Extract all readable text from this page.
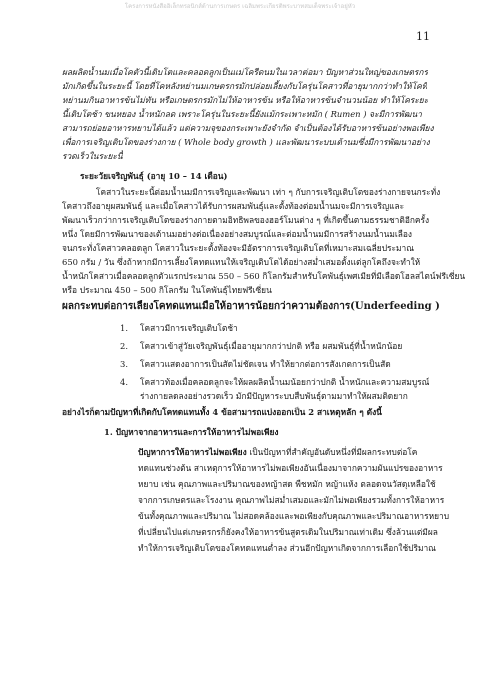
โครงการหนังสืออิเล็กทรอนิกส์ด้านการเกษตร เฉลิมพระเกียรติพระบาทสมเด็จพระเจ้าอยู่หัว
11
ผลผลิตน้ำนมเมื่อโคตัวนี้เติบโตและคลอดลูกเป็นแม่โครีดนมในเวลาต่อมา ปัญหาส่วนใหญ่ของเกษตรกร
มักเกิดขึ้นในระยะนี้ โดยที่โคหลังหย่านมเกษตรกรมักปล่อยเลี้ยงกับโครุ่นโคสาวที่อายุมากกว่าทำให้โคที่
หย่านมกินอาหารข้นไม่ทัน หรือเกษตรกรมักไม่ให้อาหารข้น หรือให้อาหารข้นจำนวนน้อย ทำให้โคระยะ
นี้เติบโตช้า ขนหยอง น้ำหนักลด เพราะโครุ่นในระยะนี้ยังแม้กระเพาะหมัก ( Rumen ) จะมีการพัฒนา
สามารถย่อยอาหารหยาบได้แล้ว แต่ความจุของกระเพาะยังจำกัด จำเป็นต้องได้รับอาหารข้นอย่างพอเพียง
เพื่อการเจริญเติบโตของร่างกาย ( Whole body growth ) และพัฒนาระบบเต้านมซึ่งมีการพัฒนาอย่าง
รวดเร็วในระยะนี้
ระยะวัยเจริญพันธุ์ (อายุ 10 – 14 เดือน)
โคสาวในระยะนี้ต่อมน้ำนมมีการเจริญและพัฒนา เท่า ๆ กับการเจริญเติบโตของร่างกายจนกระทั่ง
โคสาวถึงอายุผสมพันธุ์ และเมื่อโคสาวได้รับการผสมพันธุ์และตั้งท้องต่อมน้ำนมจะมีการเจริญและ
พัฒนาเร็วกว่าการเจริญเติบโตของร่างกายตามอิทธิพลของฮอร์โมนต่าง ๆ ที่เกิดขึ้นตามธรรมชาติอีกครั้ง
หนึ่ง โดยมีการพัฒนาของเต้านมอย่างต่อเนื่องอย่างสมบูรณ์และต่อมน้ำนมมีการสร้างนมน้ำนมเลือง
จนกระทั่งโคสาวคลอดลูก โคสาวในระยะตั้งท้องจะมีอัตราการเจริญเติบโตที่เหมาะสมเฉลี่ยประมาณ
650 กรัม / วัน ซึ่งถ้าหากมีการเลี้ยงโคทดแทนให้เจริญเติบโตได้อย่างสม่ำเสมอตั้งแต่ลูกโคถึงจะทำให้
น้ำหนักโคสาวเมื่อคลอดลูกตัวแรกประมาณ 550 – 560 กิโลกรัมสำหรับโคพันธุ์เพศเมียที่มีเลือดโฮลสไตน์ฟรีเซี่ยน
หรือ ประมาณ 450 – 500 กิโลกรัม ในโคพันธุ์ไทยฟรีเซี่ยน
ผลกระทบต่อการเลี้ยงโคทดแทนเมื่อให้อาหารน้อยกว่าความต้องการ(Underfeeding )
1. โคสาวมีการเจริญเติบโตช้า
2. โคสาวเข้าสู่วัยเจริญพันธุ์เมื่ออายุมากกว่าปกติ หรือ ผสมพันธุ์ที่น้ำหนักน้อย
3. โคสาวแสดงอาการเป็นสัดไม่ชัดเจน ทำให้ยากต่อการสังเกตการเป็นสัด
4. โคสาวท้องเมื่อคลอดลูกจะให้ผลผลิตน้ำนมน้อยกว่าปกติ น้ำหนักและความสมบูรณ์
ร่างกายลดลงอย่างรวดเร็ว มักมีปัญหาระบบสืบพันธุ์ตามมาทำให้ผสมติดยาก
อย่างไรก็ตามปัญหาที่เกิดกับโคทดแทนทั้ง 4 ข้อสามารถแบ่งออกเป็น 2 สาเหตุหลัก ๆ ดังนี้
1. ปัญหาจากอาหารและการให้อาหารไม่พอเพียง
ปัญหาการให้อาหารไม่พอเพียง เป็นปัญหาที่สำคัญอันดับหนึ่งที่มีผลกระทบต่อโค
ทดแทนช่วงต้น สาเหตุการให้อาหารไม่พอเพียงอันเนื่องมาจากความผันแปรของอาหาร
หยาบ เช่น คุณภาพและปริมาณของหญ้าสด พืชหมัก หญ้าแห้ง ตลอดจนวัสดุเหลือใช้
จากการเกษตรและโรงงาน คุณภาพไม่สม่ำเสมอและมักไม่พอเพียงรวมทั้งการให้อาหาร
ข้นทั้งคุณภาพและปริมาณ ไม่สอดคล้องและพอเพียงกับคุณภาพและปริมาณอาหารหยาบ
ที่เปลี่ยนไปแต่เกษตรกรก็ยังคงให้อาหารข้นสูตรเดิมในปริมาณเท่าเดิม ซึ่งล้วนแต่มีผล
ทำให้การเจริญเติบโตของโคทดแทนต่ำลง ส่วนอีกปัญหาเกิดจากการเลือกใช้ปริมาณ
